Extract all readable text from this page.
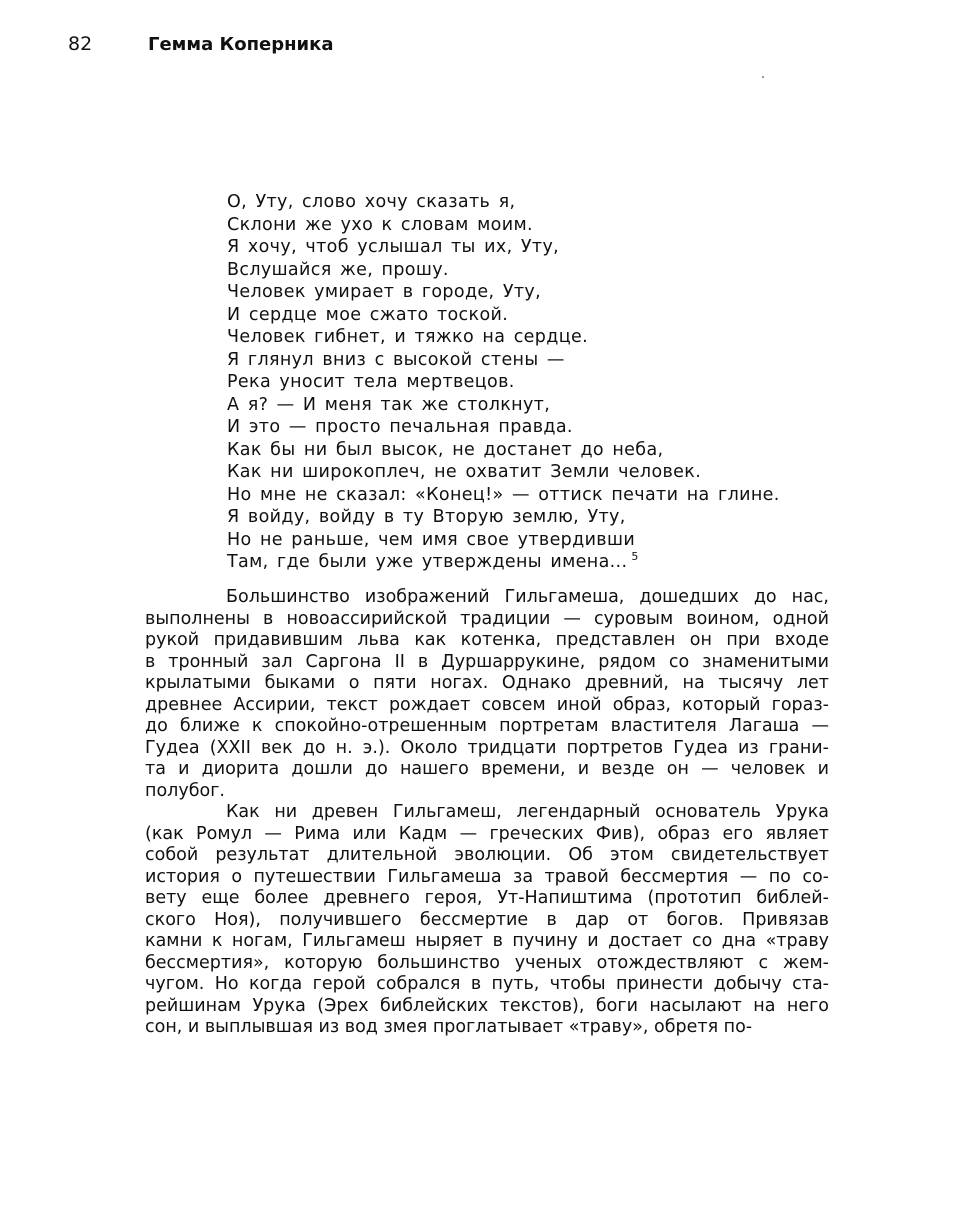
82	Гемма Коперника
О, Уту, слово хочу сказать я,
Склони же ухо к словам моим.
Я хочу, чтоб услышал ты их, Уту,
Вслушайся же, прошу.
Человек умирает в городе, Уту,
И сердце мое сжато тоской.
Человек гибнет, и тяжко на сердце.
Я глянул вниз с высокой стены —
Река уносит тела мертвецов.
А я? — И меня так же столкнут,
И это — просто печальная правда.
Как бы ни был высок, не достанет до неба,
Как ни широкоплеч, не охватит Земли человек.
Но мне не сказал: «Конец!» — оттиск печати на глине.
Я войду, войду в ту Вторую землю, Уту,
Но не раньше, чем имя свое утвердивши
Там, где были уже утверждены имена... $^5$
Большинство изображений Гильгамеша, дошедших до нас,
выполнены в новоассирийской традиции — суровым воином, одной
рукой придавившим льва как котенка, представлен он при входе
в тронный зал Саргона II в Дуршаррукине, рядом со знаменитыми
крылатыми быками о пяти ногах. Однако древний, на тысячу лет
древнее Ассирии, текст рождает совсем иной образ, который гораз-
до ближе к спокойно-отрешенным портретам властителя Лагаша —
Гудеа (XXII век до н. э.). Около тридцати портретов Гудеа из грани-
та и диорита дошли до нашего времени, и везде он — человек и
полубог.
Как ни древен Гильгамеш, легендарный основатель Урука
(как Ромул — Рима или Кадм — греческих Фив), образ его являет
собой результат длительной эволюции. Об этом свидетельствует
история о путешествии Гильгамеша за травой бессмертия — по со-
вету еще более древнего героя, Ут-Напиштима (прототип библей-
ского Ноя), получившего бессмертие в дар от богов. Привязав
камни к ногам, Гильгамеш ныряет в пучину и достает со дна «траву
бессмертия», которую большинство ученых отождествляют с жем-
чугом. Но когда герой собрался в путь, чтобы принести добычу ста-
рейшинам Урука (Эрех библейских текстов), боги насылают на него
сон, и выплывшая из вод змея проглатывает «траву», обретя по-
